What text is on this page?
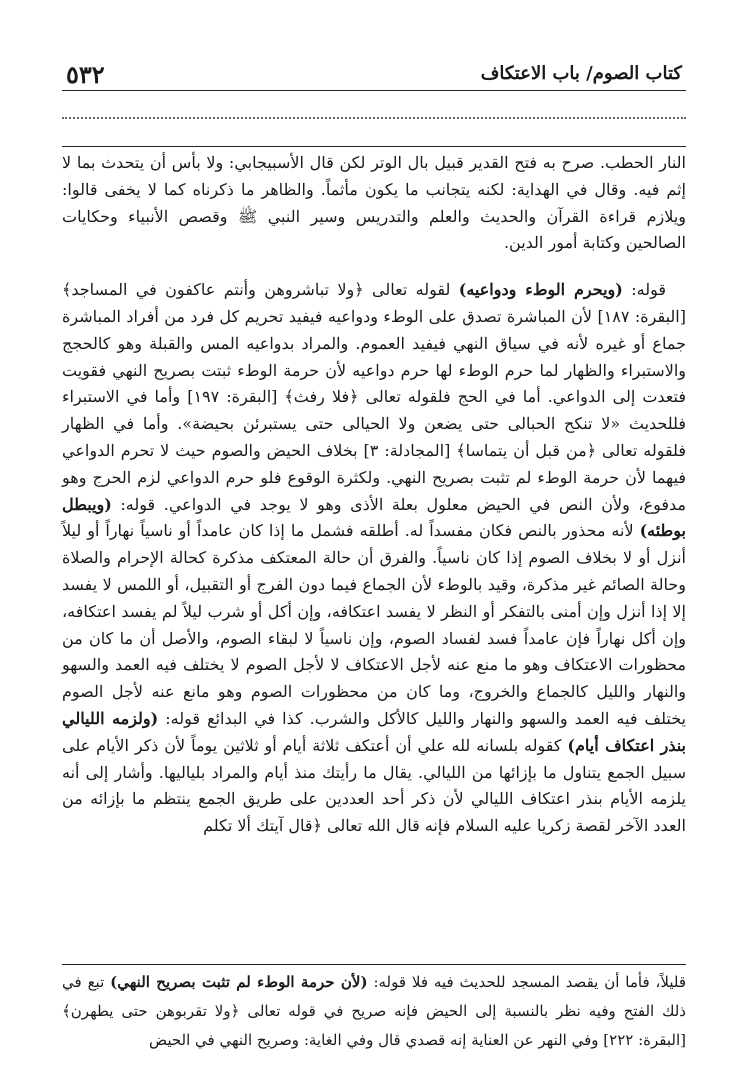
٥٣٢	كتاب الصوم/ باب الاعتكاف

النار الحطب. صرح به فتح القدير قبيل بال الوتر لكن قال الأسبيجابي: ولا بأس أن يتحدث بما لا إثم فيه. وقال في الهداية: لكنه يتجانب ما يكون مأثماً. والظاهر ما ذكرناه كما لا يخفى قالوا: ويلازم قراءة القرآن والحديث والعلم والتدريس وسير النبي ﷺ وقصص الأنبياء وحكايات الصالحين وكتابة أمور الدين.

قوله: (ويحرم الوطء ودواعيه) لقوله تعالى ﴿ولا تباشروهن وأنتم عاكفون في المساجد﴾ [البقرة: ١٨٧] لأن المباشرة تصدق على الوطء ودواعيه فيفيد تحريم كل فرد من أفراد المباشرة جماع أو غيره لأنه في سياق النهي فيفيد العموم. والمراد بدواعيه المس والقبلة وهو كالحجج والاستبراء والظهار لما حرم الوطء لها حرم دواعيه لأن حرمة الوطء ثبتت بصريح النهي فقويت فتعدت إلى الدواعي. أما في الحج فلقوله تعالى ﴿فلا رفث﴾ [البقرة: ١٩٧] وأما في الاستبراء فللحديث «لا تنكح الحبالى حتى يضعن ولا الحيالى حتى يستبرئن بحيضة». وأما في الظهار فلقوله تعالى ﴿من قبل أن يتماسا﴾ [المجادلة: ٣] بخلاف الحيض والصوم حيث لا تحرم الدواعي فيهما لأن حرمة الوطء لم تثبت بصريح النهي. ولكثرة الوقوع فلو حرم الدواعي لزم الحرج وهو مدفوع، ولأن النص في الحيض معلول بعلة الأذى وهو لا يوجد في الدواعي. قوله: (ويبطل بوطئه) لأنه محذور بالنص فكان مفسداً له. أطلقه فشمل ما إذا كان عامداً أو ناسياً نهاراً أو ليلاً أنزل أو لا بخلاف الصوم إذا كان ناسياً. والفرق أن حالة المعتكف مذكرة كحالة الإحرام والصلاة وحالة الصائم غير مذكرة، وقيد بالوطء لأن الجماع فيما دون الفرج أو التقبيل، أو اللمس لا يفسد إلا إذا أنزل وإن أمنى بالتفكر أو النظر لا يفسد اعتكافه، وإن أكل أو شرب ليلاً لم يفسد اعتكافه، وإن أكل نهاراً فإن عامداً فسد لفساد الصوم، وإن ناسياً لا لبقاء الصوم، والأصل أن ما كان من محظورات الاعتكاف وهو ما منع عنه لأجل الاعتكاف لا لأجل الصوم لا يختلف فيه العمد والسهو والنهار والليل كالجماع والخروج، وما كان من محظورات الصوم وهو مانع عنه لأجل الصوم يختلف فيه العمد والسهو والنهار والليل كالأكل والشرب. كذا في البدائع قوله: (ولزمه الليالي بنذر اعتكاف أيام) كقوله بلسانه لله علي أن أعتكف ثلاثة أيام أو ثلاثين يوماً لأن ذكر الأيام على سبيل الجمع يتناول ما بإزائها من الليالي. يقال ما رأيتك منذ أيام والمراد بلياليها. وأشار إلى أنه يلزمه الأيام بنذر اعتكاف الليالي لأن ذكر أحد العددين على طريق الجمع ينتظم ما بإزائه من العدد الآخر لقصة زكريا عليه السلام فإنه قال الله تعالى ﴿قال آيتك ألا تكلم

قليلاً، فأما أن يقصد المسجد للحديث فيه فلا قوله: (لأن حرمة الوطء لم تثبت بصريح النهي) تبع في ذلك الفتح وفيه نظر بالنسبة إلى الحيض فإنه صريح في قوله تعالى ﴿ولا تقربوهن حتى يطهرن﴾ [البقرة: ٢٢٢] وفي النهر عن العناية إنه قصدي قال وفي الغاية: وصريح النهي في الحيض
